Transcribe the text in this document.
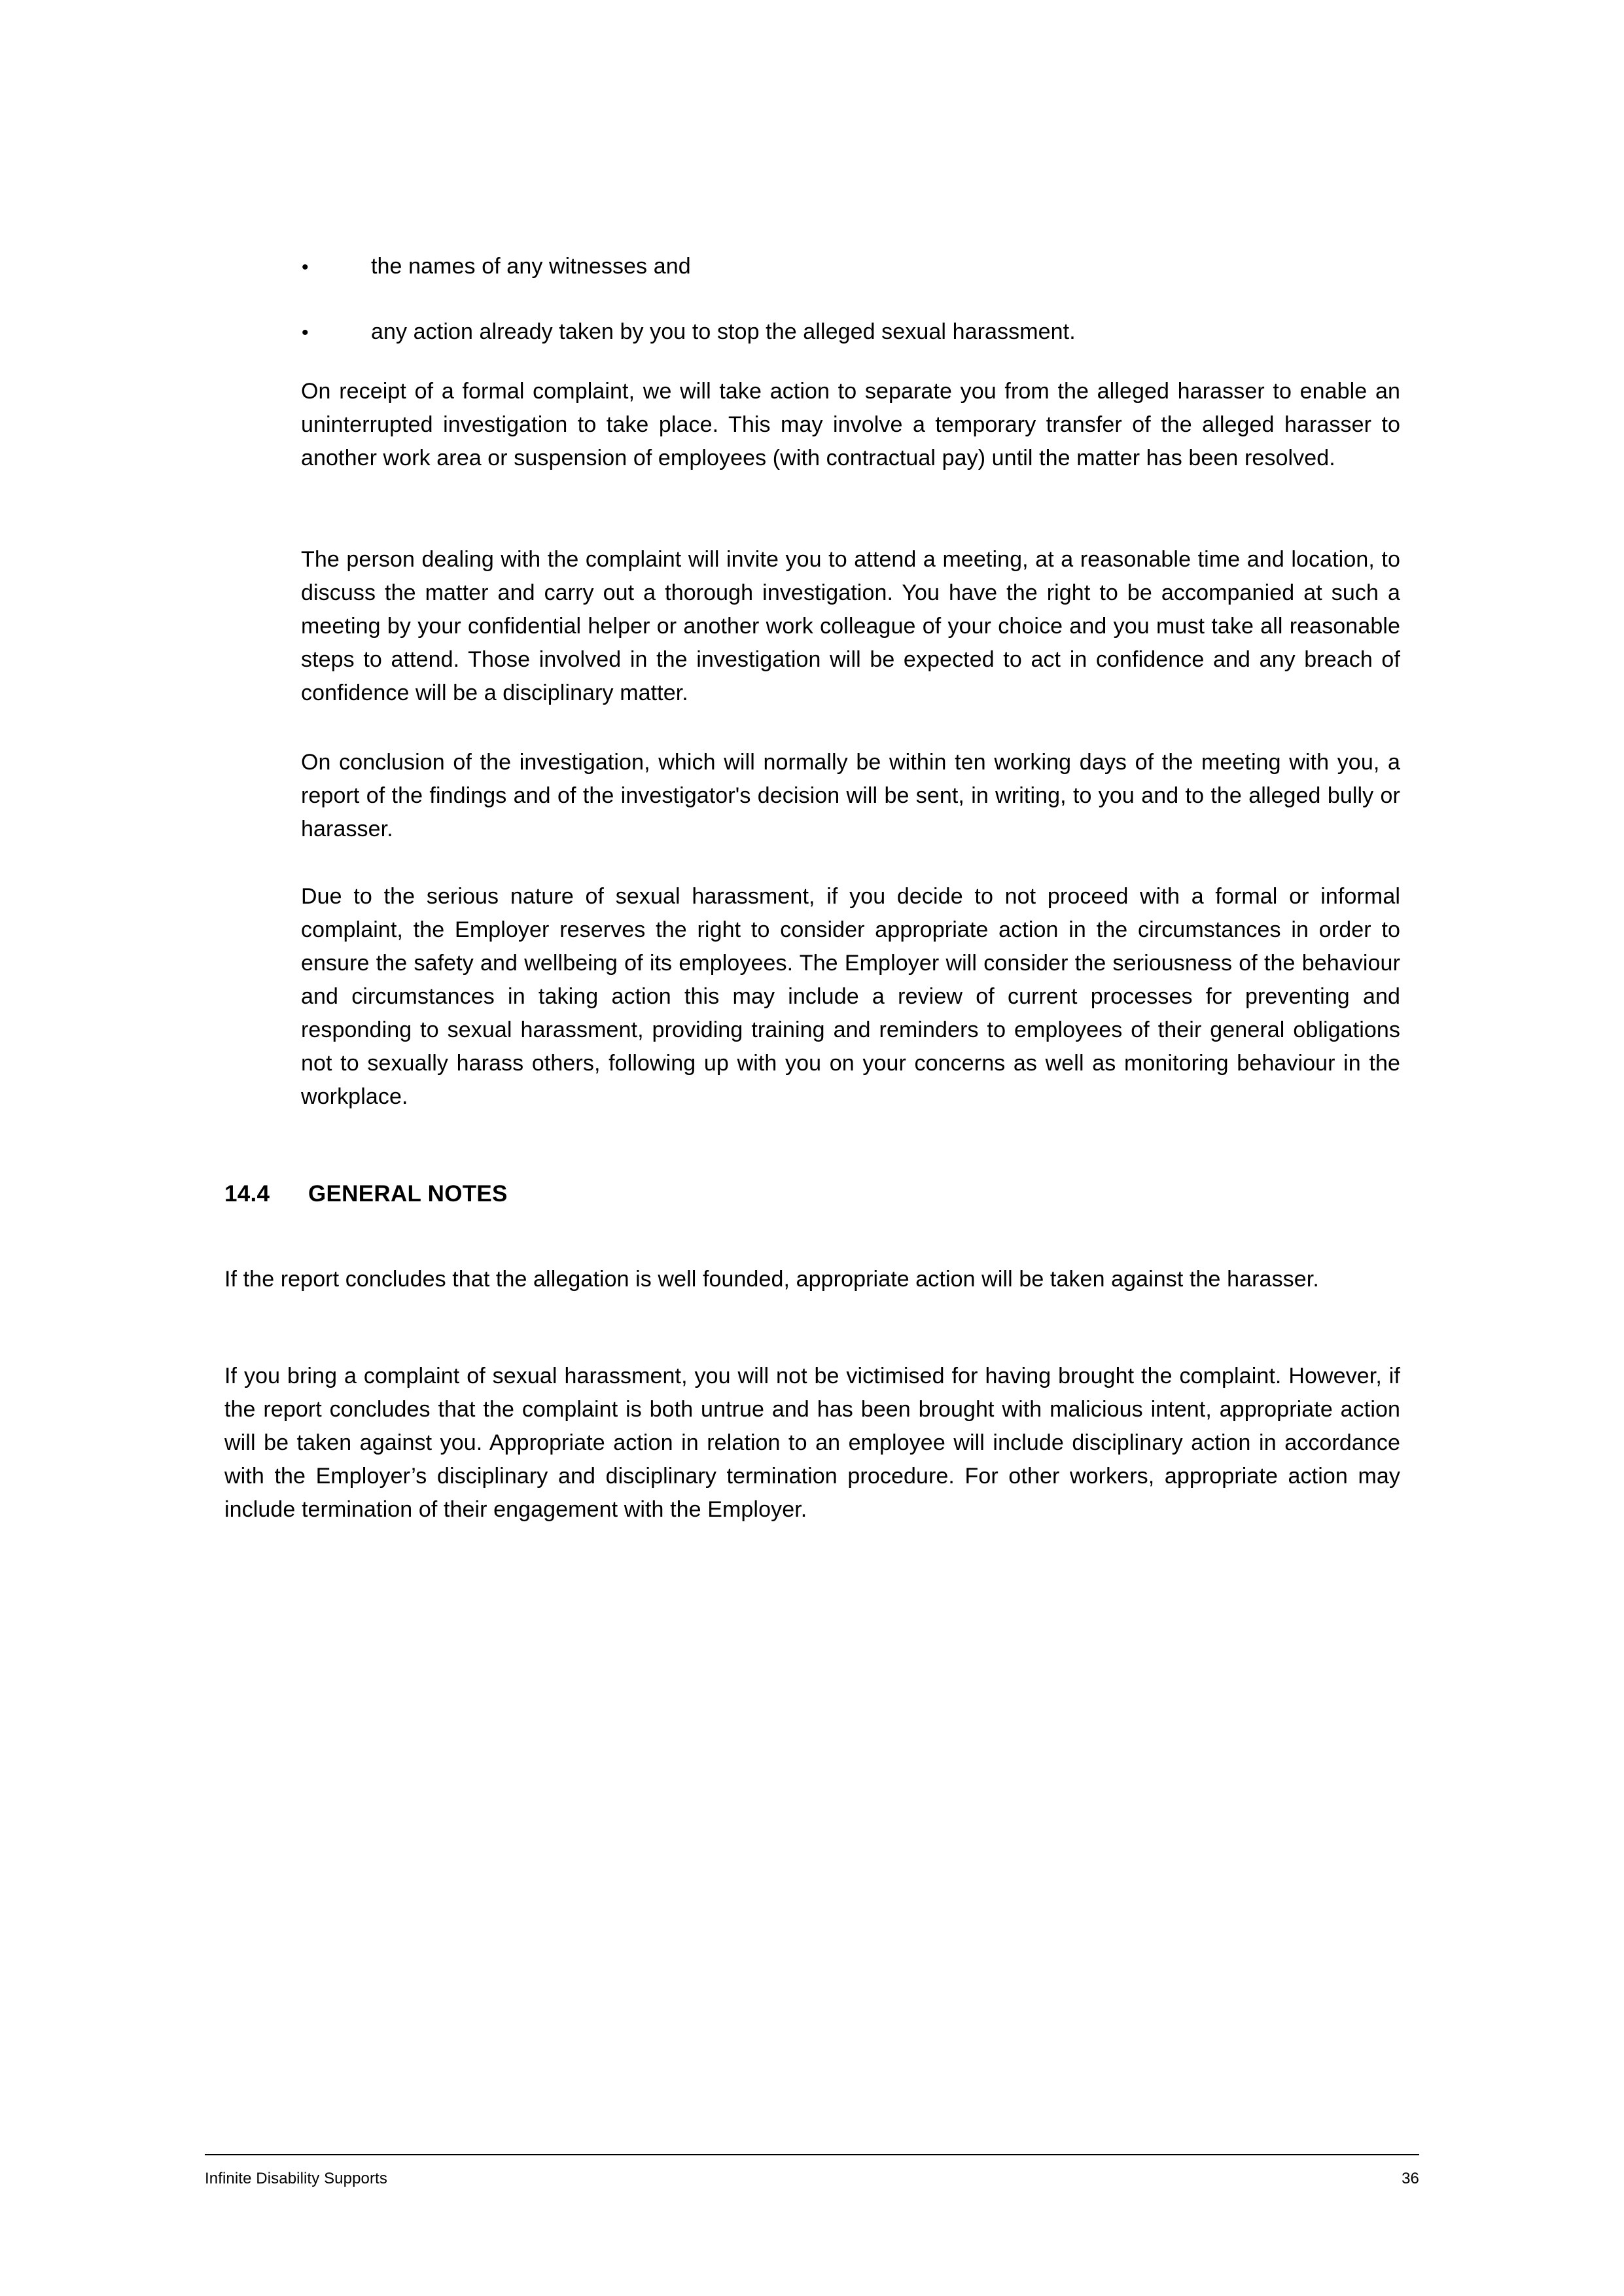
•	the names of any witnesses and
•	any action already taken by you to stop the alleged sexual harassment.

On receipt of a formal complaint, we will take action to separate you from the alleged harasser to enable an uninterrupted investigation to take place. This may involve a temporary transfer of the alleged harasser to another work area or suspension of employees (with contractual pay) until the matter has been resolved.

The person dealing with the complaint will invite you to attend a meeting, at a reasonable time and location, to discuss the matter and carry out a thorough investigation. You have the right to be accompanied at such a meeting by your confidential helper or another work colleague of your choice and you must take all reasonable steps to attend. Those involved in the investigation will be expected to act in confidence and any breach of confidence will be a disciplinary matter.

On conclusion of the investigation, which will normally be within ten working days of the meeting with you, a report of the findings and of the investigator's decision will be sent, in writing, to you and to the alleged bully or harasser.

Due to the serious nature of sexual harassment, if you decide to not proceed with a formal or informal complaint, the Employer reserves the right to consider appropriate action in the circumstances in order to ensure the safety and wellbeing of its employees. The Employer will consider the seriousness of the behaviour and circumstances in taking action this may include a review of current processes for preventing and responding to sexual harassment, providing training and reminders to employees of their general obligations not to sexually harass others, following up with you on your concerns as well as monitoring behaviour in the workplace.

14.4	GENERAL NOTES

If the report concludes that the allegation is well founded, appropriate action will be taken against the harasser.

If you bring a complaint of sexual harassment, you will not be victimised for having brought the complaint. However, if the report concludes that the complaint is both untrue and has been brought with malicious intent, appropriate action will be taken against you. Appropriate action in relation to an employee will include disciplinary action in accordance with the Employer’s disciplinary and disciplinary termination procedure. For other workers, appropriate action may include termination of their engagement with the Employer.

Infinite Disability Supports	36
